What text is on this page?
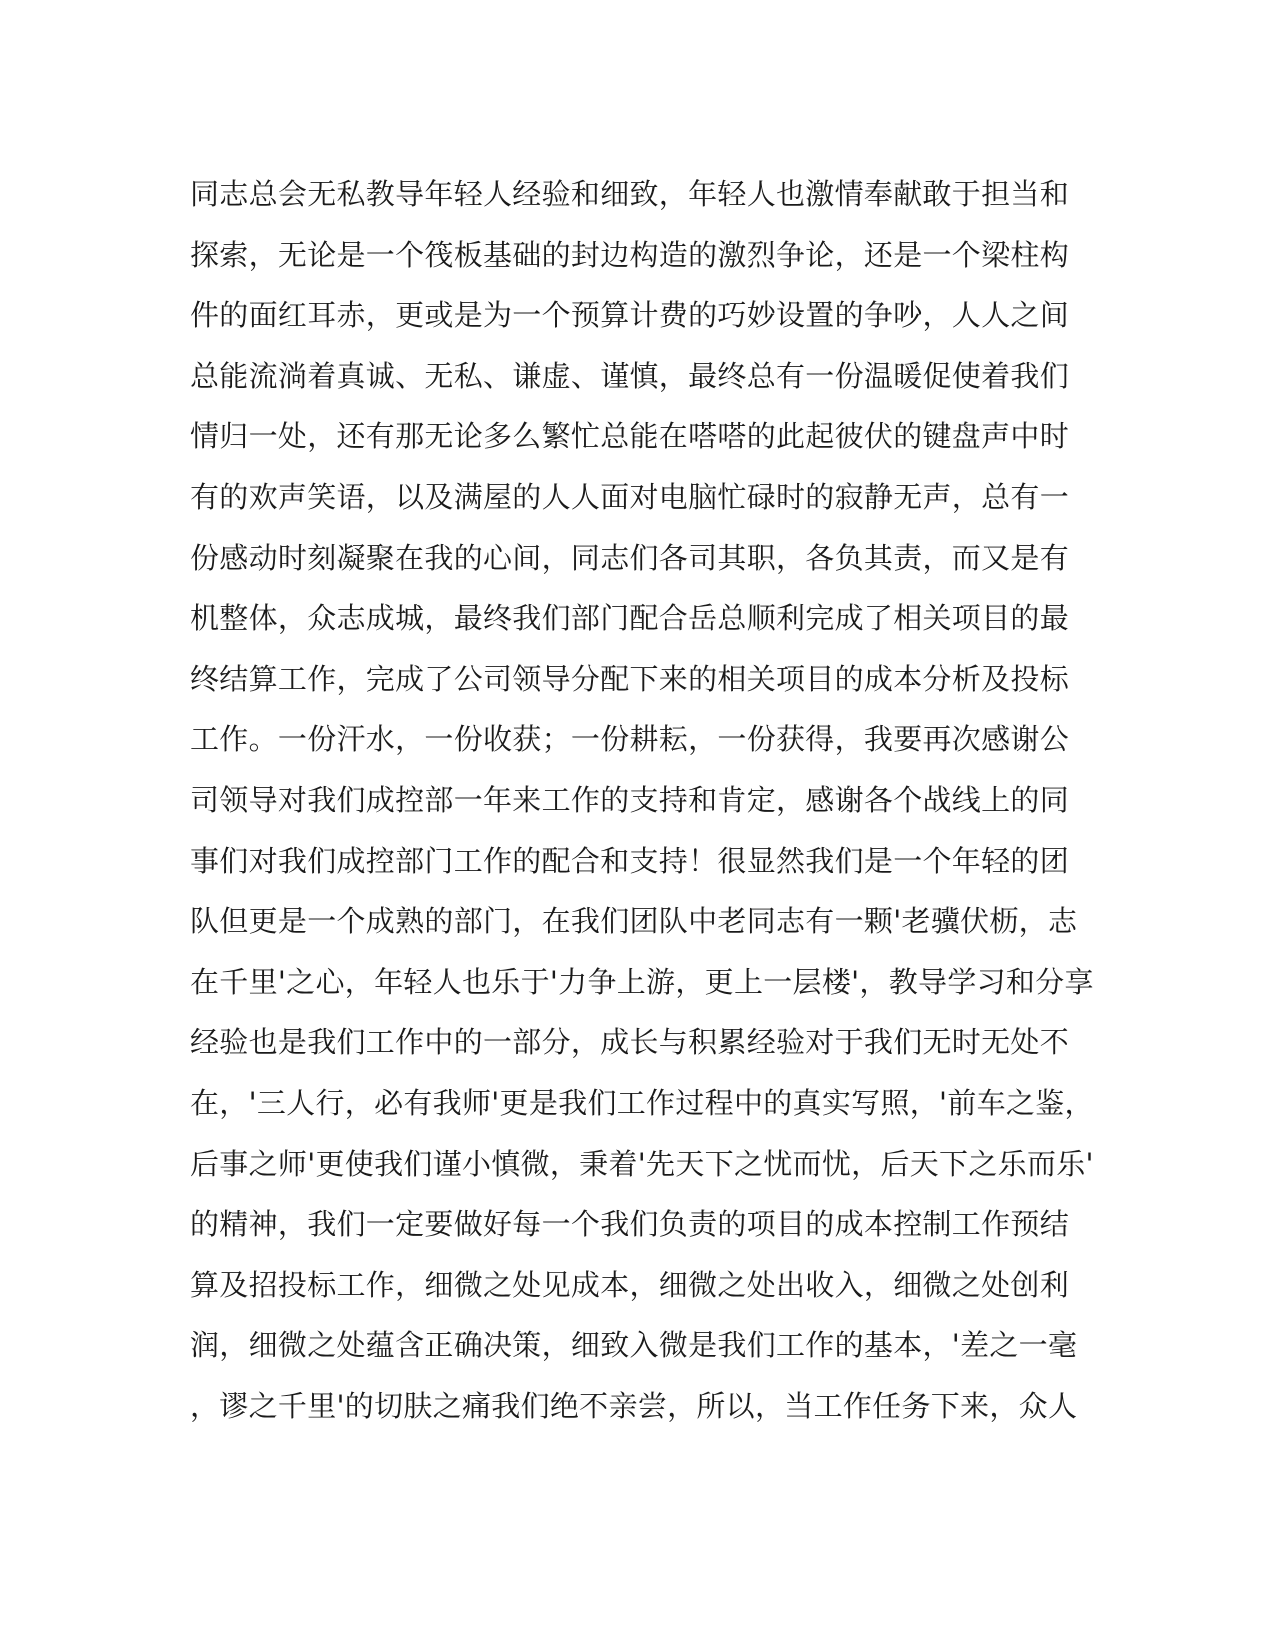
同志总会无私教导年轻人经验和细致，年轻人也激情奉献敢于担当和
探索，无论是一个筏板基础的封边构造的激烈争论，还是一个梁柱构
件的面红耳赤，更或是为一个预算计费的巧妙设置的争吵，人人之间
总能流淌着真诚、无私、谦虚、谨慎，最终总有一份温暖促使着我们
情归一处，还有那无论多么繁忙总能在嗒嗒的此起彼伏的键盘声中时
有的欢声笑语，以及满屋的人人面对电脑忙碌时的寂静无声，总有一
份感动时刻凝聚在我的心间，同志们各司其职，各负其责，而又是有
机整体，众志成城，最终我们部门配合岳总顺利完成了相关项目的最
终结算工作，完成了公司领导分配下来的相关项目的成本分析及投标
工作。一份汗水，一份收获；一份耕耘，一份获得，我要再次感谢公
司领导对我们成控部一年来工作的支持和肯定，感谢各个战线上的同
事们对我们成控部门工作的配合和支持！很显然我们是一个年轻的团
队但更是一个成熟的部门，在我们团队中老同志有一颗'老骥伏枥，志
在千里'之心，年轻人也乐于'力争上游，更上一层楼'，教导学习和分享
经验也是我们工作中的一部分，成长与积累经验对于我们无时无处不
在，'三人行，必有我师'更是我们工作过程中的真实写照，'前车之鉴，
后事之师'更使我们谨小慎微，秉着'先天下之忧而忧，后天下之乐而乐'
的精神，我们一定要做好每一个我们负责的项目的成本控制工作预结
算及招投标工作，细微之处见成本，细微之处出收入，细微之处创利
润，细微之处蕴含正确决策，细致入微是我们工作的基本，'差之一毫
，谬之千里'的切肤之痛我们绝不亲尝，所以，当工作任务下来，众人
